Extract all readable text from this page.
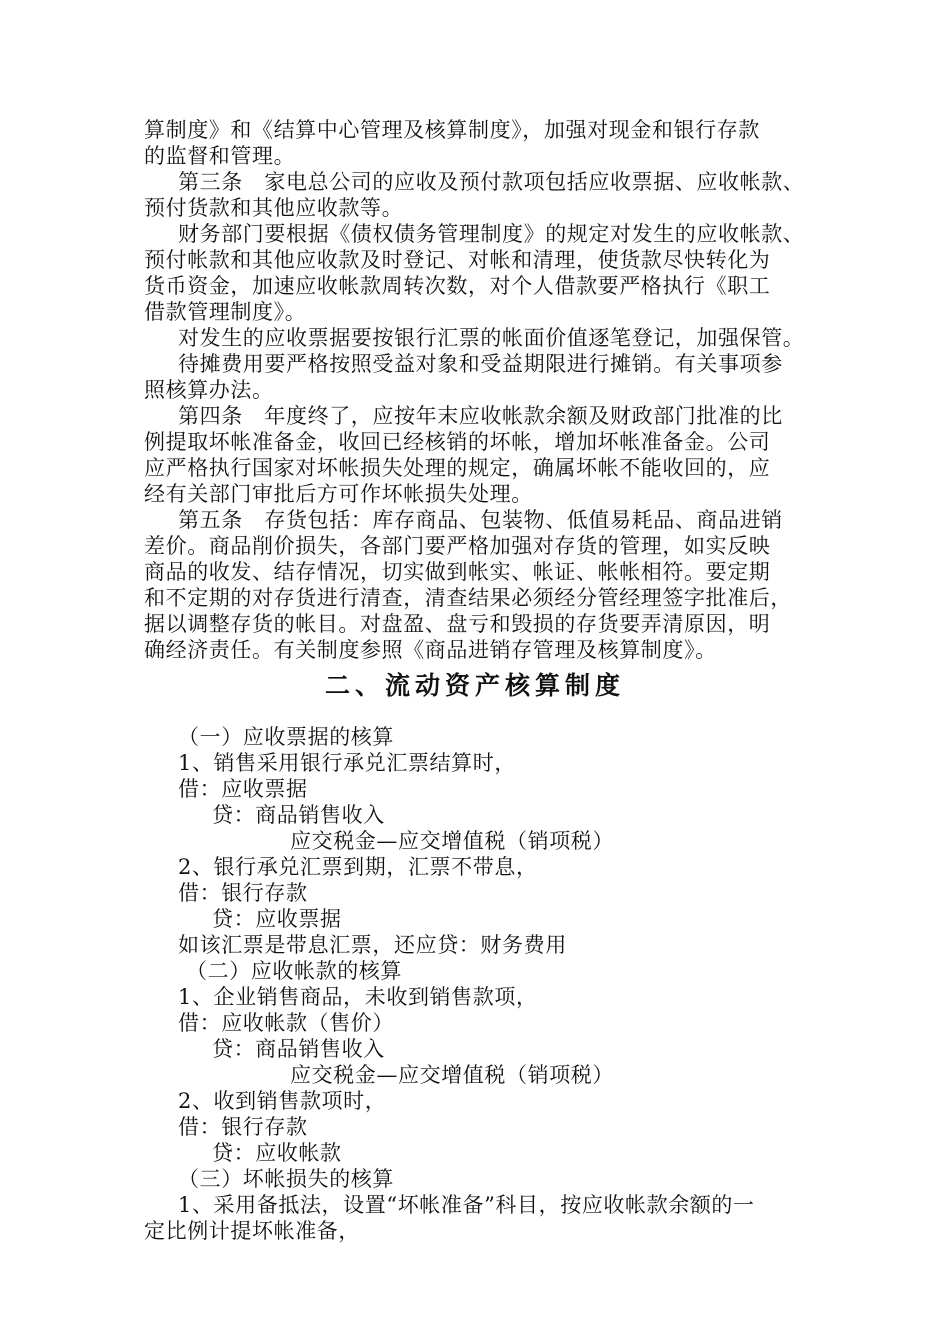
算制度》和《结算中心管理及核算制度》，加强对现金和银行存款
的监督和管理。
第三条　家电总公司的应收及预付款项包括应收票据、应收帐款、
预付货款和其他应收款等。
财务部门要根据《债权债务管理制度》的规定对发生的应收帐款、
预付帐款和其他应收款及时登记、对帐和清理，使货款尽快转化为
货币资金，加速应收帐款周转次数，对个人借款要严格执行《职工
借款管理制度》。
对发生的应收票据要按银行汇票的帐面价值逐笔登记，加强保管。
待摊费用要严格按照受益对象和受益期限进行摊销。有关事项参
照核算办法。
第四条　年度终了，应按年末应收帐款余额及财政部门批准的比
例提取坏帐准备金，收回已经核销的坏帐，增加坏帐准备金。公司
应严格执行国家对坏帐损失处理的规定，确属坏帐不能收回的，应
经有关部门审批后方可作坏帐损失处理。
第五条　存货包括：库存商品、包装物、低值易耗品、商品进销
差价。商品削价损失，各部门要严格加强对存货的管理，如实反映
商品的收发、结存情况，切实做到帐实、帐证、帐帐相符。要定期
和不定期的对存货进行清查，清查结果必须经分管经理签字批准后，
据以调整存货的帐目。对盘盈、盘亏和毁损的存货要弄清原因，明
确经济责任。有关制度参照《商品进销存管理及核算制度》。
二、流动资产核算制度
（一）应收票据的核算
1、销售采用银行承兑汇票结算时，
借：应收票据
贷：商品销售收入
应交税金—应交增值税（销项税）
2、银行承兑汇票到期，汇票不带息，
借：银行存款
贷：应收票据
如该汇票是带息汇票，还应贷：财务费用
（二）应收帐款的核算
1、企业销售商品，未收到销售款项，
借：应收帐款（售价）
贷：商品销售收入
应交税金—应交增值税（销项税）
2、收到销售款项时，
借：银行存款
贷：应收帐款
（三）坏帐损失的核算
1、采用备抵法，设置“坏帐准备”科目，按应收帐款余额的一
定比例计提坏帐准备，
